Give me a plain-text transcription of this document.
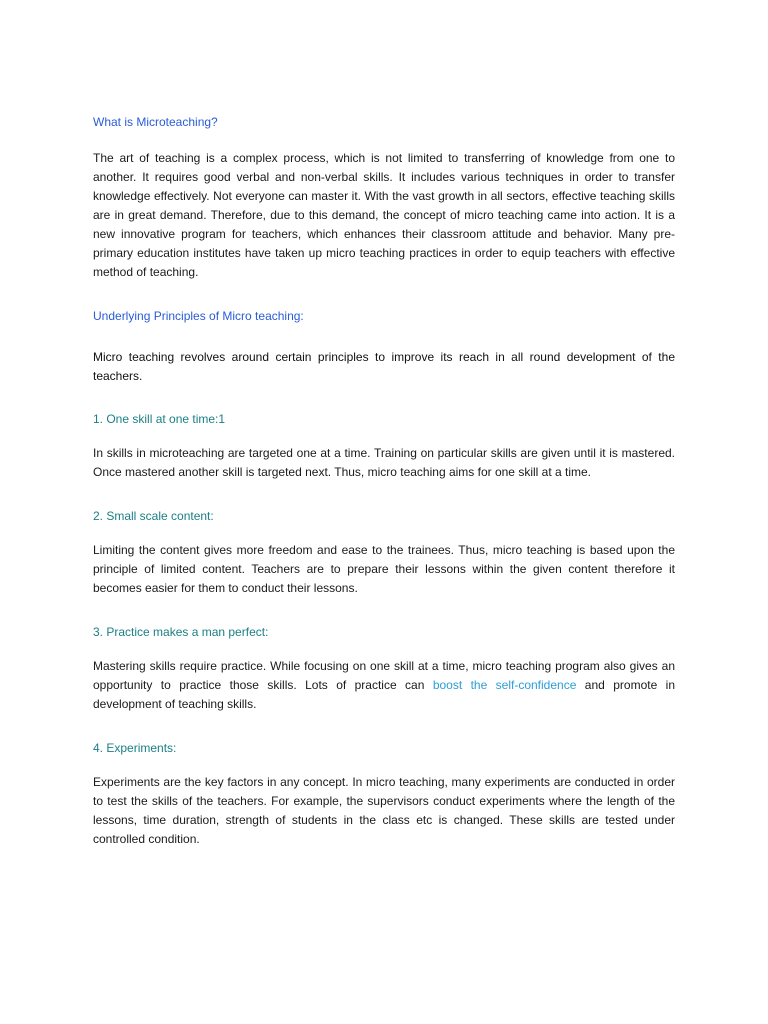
What is Microteaching?

The art of teaching is a complex process, which is not limited to transferring of knowledge from one to another. It requires good verbal and non-verbal skills. It includes various techniques in order to transfer knowledge effectively. Not everyone can master it. With the vast growth in all sectors, effective teaching skills are in great demand. Therefore, due to this demand, the concept of micro teaching came into action. It is a new innovative program for teachers, which enhances their classroom attitude and behavior. Many pre-primary education institutes have taken up micro teaching practices in order to equip teachers with effective method of teaching.

Underlying Principles of Micro teaching:

Micro teaching revolves around certain principles to improve its reach in all round development of the teachers.

1. One skill at one time:1

In skills in microteaching are targeted one at a time. Training on particular skills are given until it is mastered. Once mastered another skill is targeted next. Thus, micro teaching aims for one skill at a time.

2. Small scale content:

Limiting the content gives more freedom and ease to the trainees. Thus, micro teaching is based upon the principle of limited content. Teachers are to prepare their lessons within the given content therefore it becomes easier for them to conduct their lessons.

3. Practice makes a man perfect:

Mastering skills require practice. While focusing on one skill at a time, micro teaching program also gives an opportunity to practice those skills. Lots of practice can boost the self-confidence and promote in development of teaching skills.

4. Experiments:

Experiments are the key factors in any concept. In micro teaching, many experiments are conducted in order to test the skills of the teachers. For example, the supervisors conduct experiments where the length of the lessons, time duration, strength of students in the class etc is changed. These skills are tested under controlled condition.
